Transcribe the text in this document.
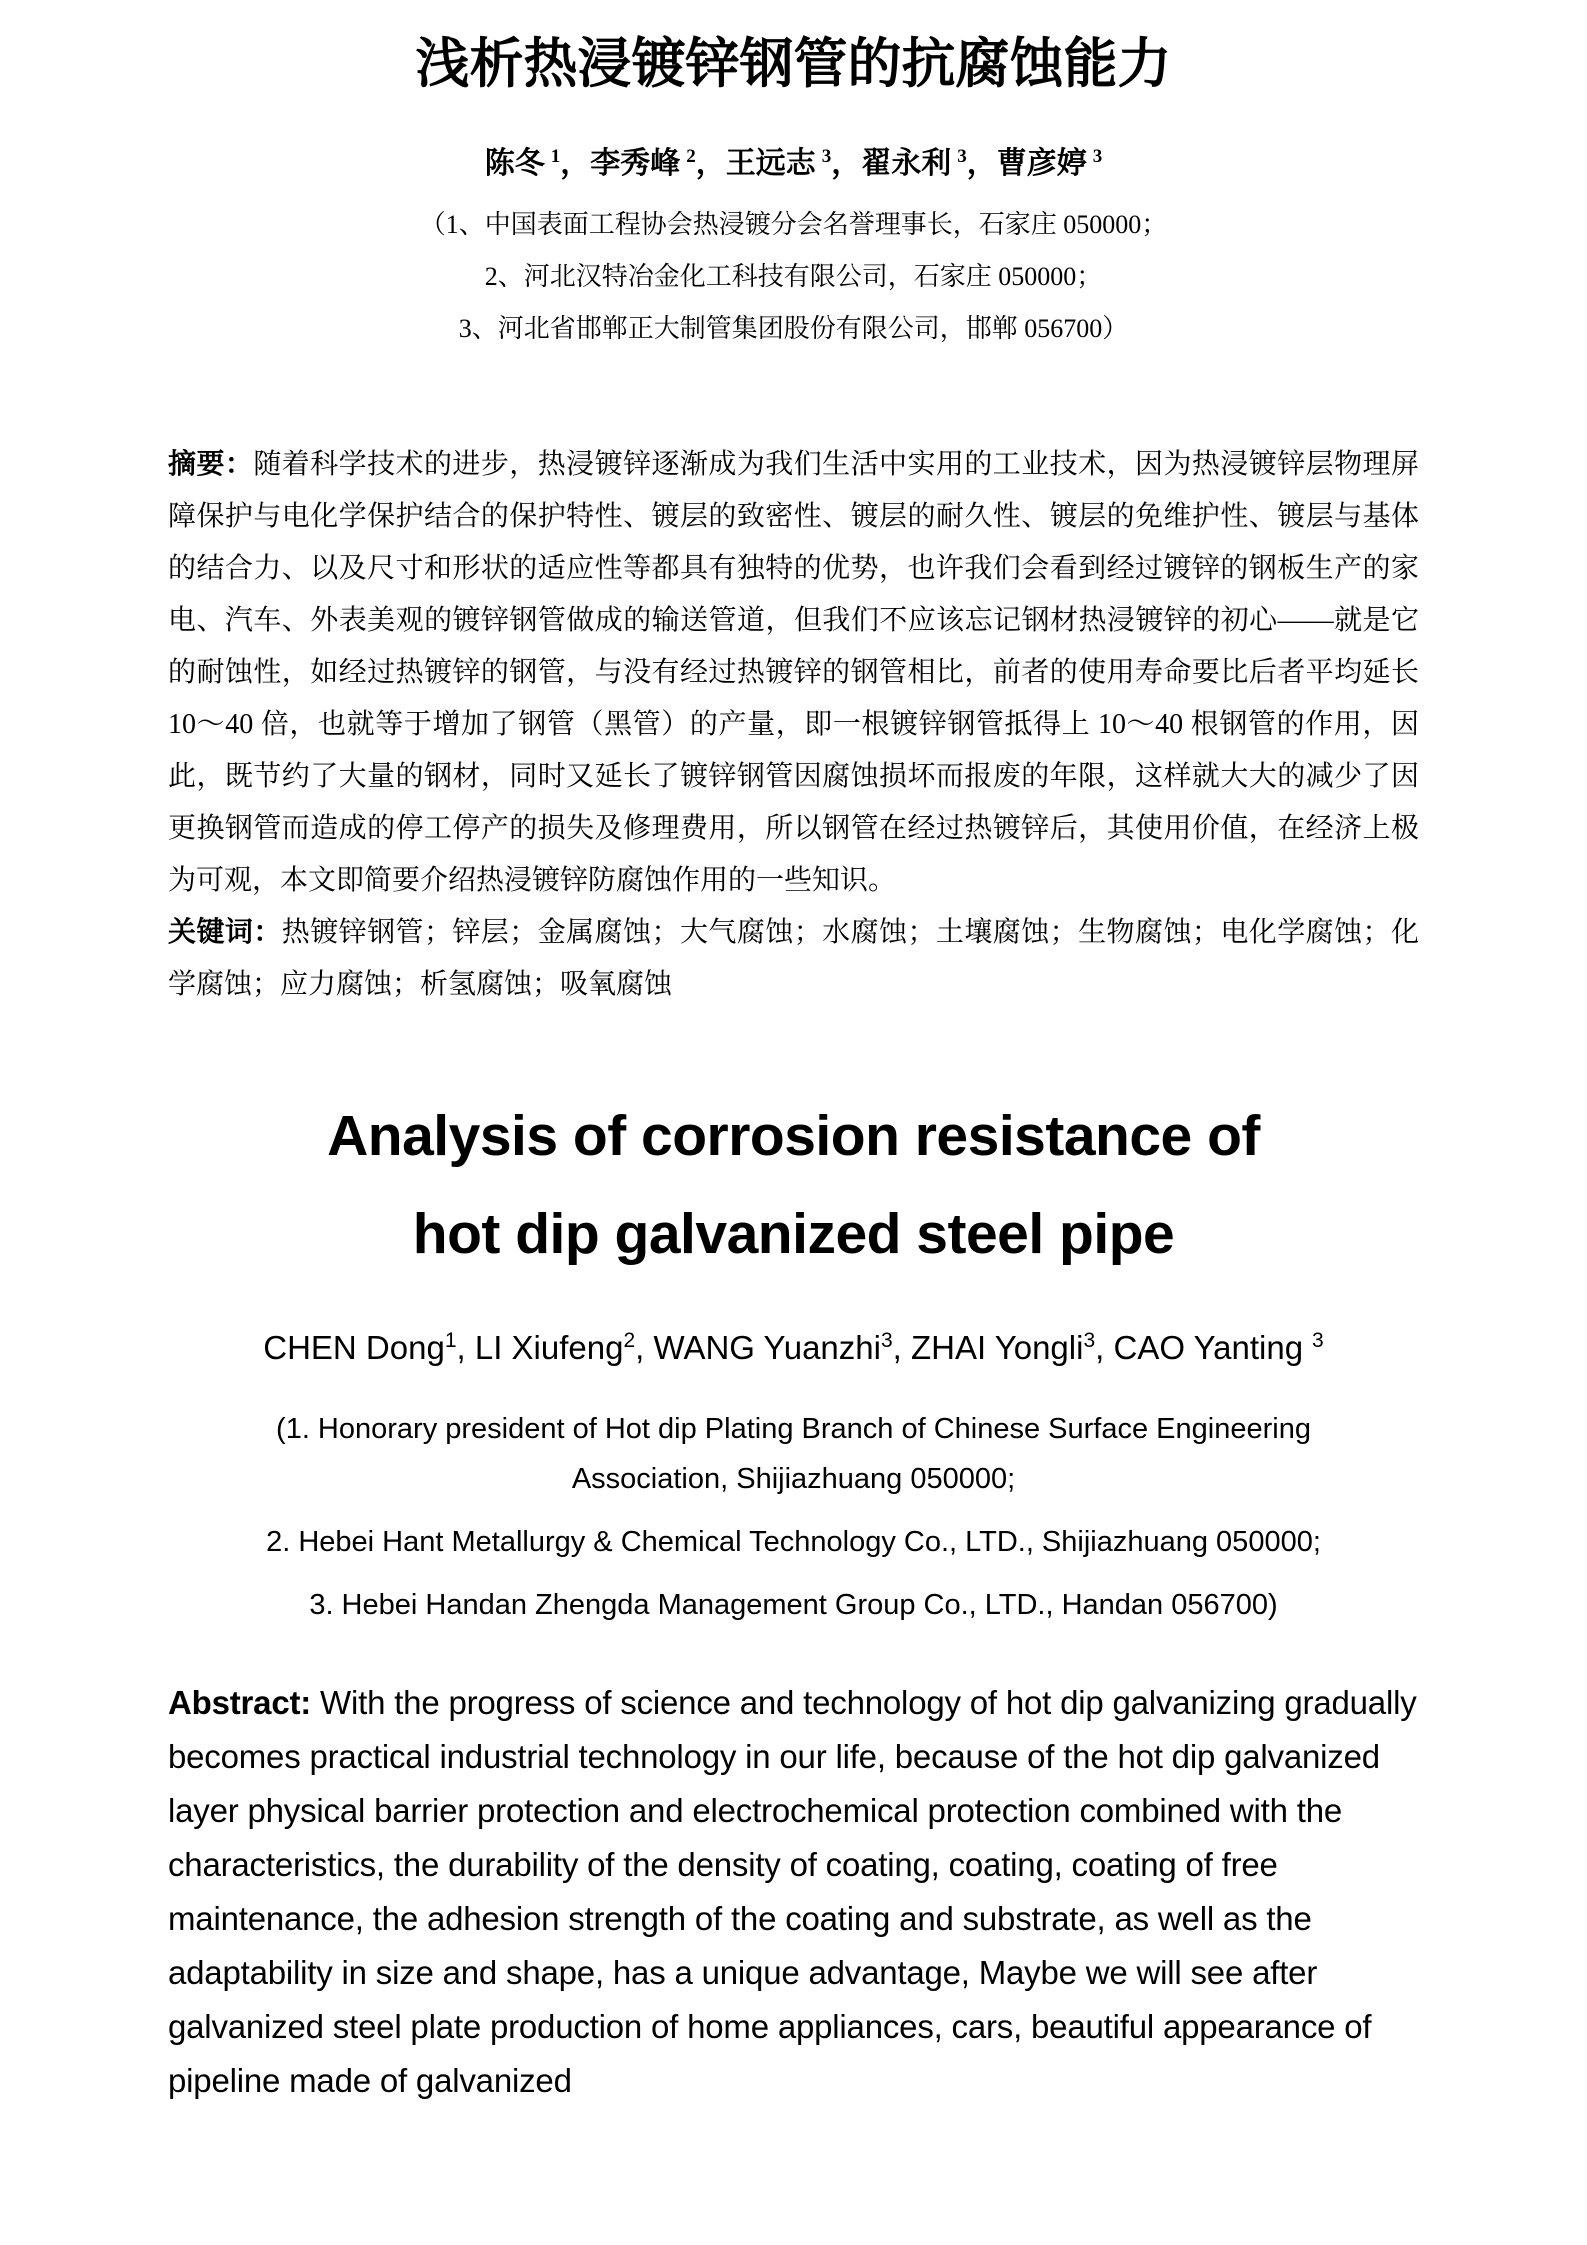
浅析热浸镀锌钢管的抗腐蚀能力
陈冬 $^1$，李秀峰 $^2$，王远志 $^3$，翟永利 $^3$，曹彦婷 $^3$
（1、中国表面工程协会热浸镀分会名誉理事长，石家庄 050000；
2、河北汉特冶金化工科技有限公司，石家庄 050000；
3、河北省邯郸正大制管集团股份有限公司，邯郸 056700）

摘要：随着科学技术的进步，热浸镀锌逐渐成为我们生活中实用的工业技术，因为热浸镀锌层物理屏障保护与电化学保护结合的保护特性、镀层的致密性、镀层的耐久性、镀层的免维护性、镀层与基体的结合力、以及尺寸和形状的适应性等都具有独特的优势，也许我们会看到经过镀锌的钢板生产的家电、汽车、外表美观的镀锌钢管做成的输送管道，但我们不应该忘记钢材热浸镀锌的初心——就是它的耐蚀性，如经过热镀锌的钢管，与没有经过热镀锌的钢管相比，前者的使用寿命要比后者平均延长 10～40 倍，也就等于增加了钢管（黑管）的产量，即一根镀锌钢管抵得上 10～40 根钢管的作用，因此，既节约了大量的钢材，同时又延长了镀锌钢管因腐蚀损坏而报废的年限，这样就大大的减少了因更换钢管而造成的停工停产的损失及修理费用，所以钢管在经过热镀锌后，其使用价值，在经济上极为可观，本文即简要介绍热浸镀锌防腐蚀作用的一些知识。

关键词：热镀锌钢管；锌层；金属腐蚀；大气腐蚀；水腐蚀；土壤腐蚀；生物腐蚀；电化学腐蚀；化学腐蚀；应力腐蚀；析氢腐蚀；吸氧腐蚀

Analysis of corrosion resistance of
hot dip galvanized steel pipe
CHEN Dong$^1$, LI Xiufeng$^2$, WANG Yuanzhi$^3$, ZHAI Yongli$^3$, CAO Yanting $^3$
(1. Honorary president of Hot dip Plating Branch of Chinese Surface Engineering Association, Shijiazhuang 050000;
2. Hebei Hant Metallurgy & Chemical Technology Co., LTD., Shijiazhuang 050000;
3. Hebei Handan Zhengda Management Group Co., LTD., Handan 056700)

Abstract: With the progress of science and technology of hot dip galvanizing gradually becomes practical industrial technology in our life, because of the hot dip galvanized layer physical barrier protection and electrochemical protection combined with the characteristics, the durability of the density of coating, coating, coating of free maintenance, the adhesion strength of the coating and substrate, as well as the adaptability in size and shape, has a unique advantage, Maybe we will see after galvanized steel plate production of home appliances, cars, beautiful appearance of pipeline made of galvanized
